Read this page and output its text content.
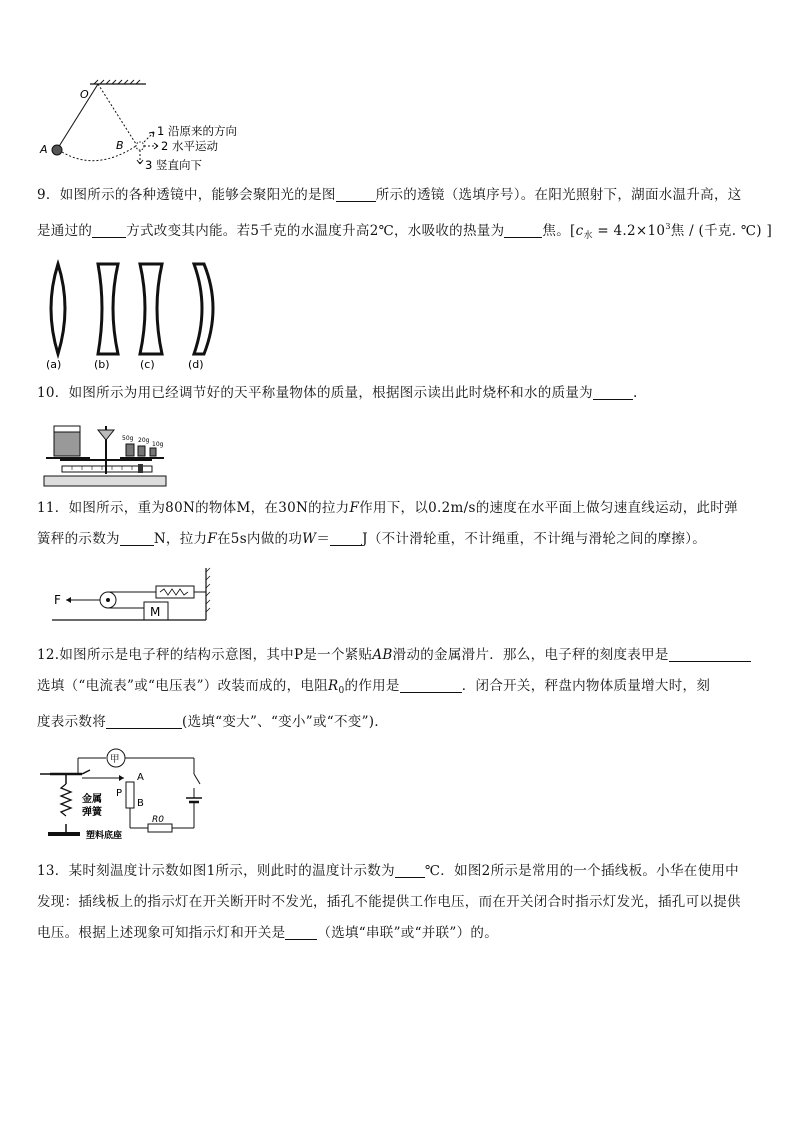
O
A	B
1 沿原来的方向
2 水平运动
3 竖直向下

9．如图所示的各种透镜中，能够会聚阳光的是图	所示的透镜（选填序号）。在阳光照射下，湖面水温升高，这

是通过的	方式改变其内能。若5千克的水温度升高2℃，水吸收的热量为	焦。[$c_水 = 4.2\times 10^3$焦 / (千克. ℃) ]

(a)	(b)	(c)	(d)

10．如图所示为用已经调节好的天平称量物体的质量，根据图示读出此时烧杯和水的质量为	.

50g 20g
10g

11．如图所示，重为80N的物体M，在30N的拉力F作用下，以0.2m/s的速度在水平面上做匀速直线运动，此时弹

簧秤的示数为	N，拉力F在5s内做的功W＝ J（不计滑轮重，不计绳重，不计绳与滑轮之间的摩擦）。

F
M

12.如图所示是电子秤的结构示意图，其中P是一个紧贴AB滑动的金属滑片．那么，电子秤的刻度表甲是

选填（“电流表”或“电压表”）改装而成的，电阻$R_0$的作用是	．闭合开关，秤盘内物体质量增大时，刻

度表示数将	(选填“变大”、“变小”或“不变”)．

甲
A
B
P
金属
弹簧
塑料底座
R0

13．某时刻温度计示数如图1所示，则此时的温度计示数为 ℃．如图2所示是常用的一个插线板。小华在使用中

发现：插线板上的指示灯在开关断开时不发光，插孔不能提供工作电压，而在开关闭合时指示灯发光，插孔可以提供

电压。根据上述现象可知指示灯和开关是 （选填“串联”或“并联”）的。
